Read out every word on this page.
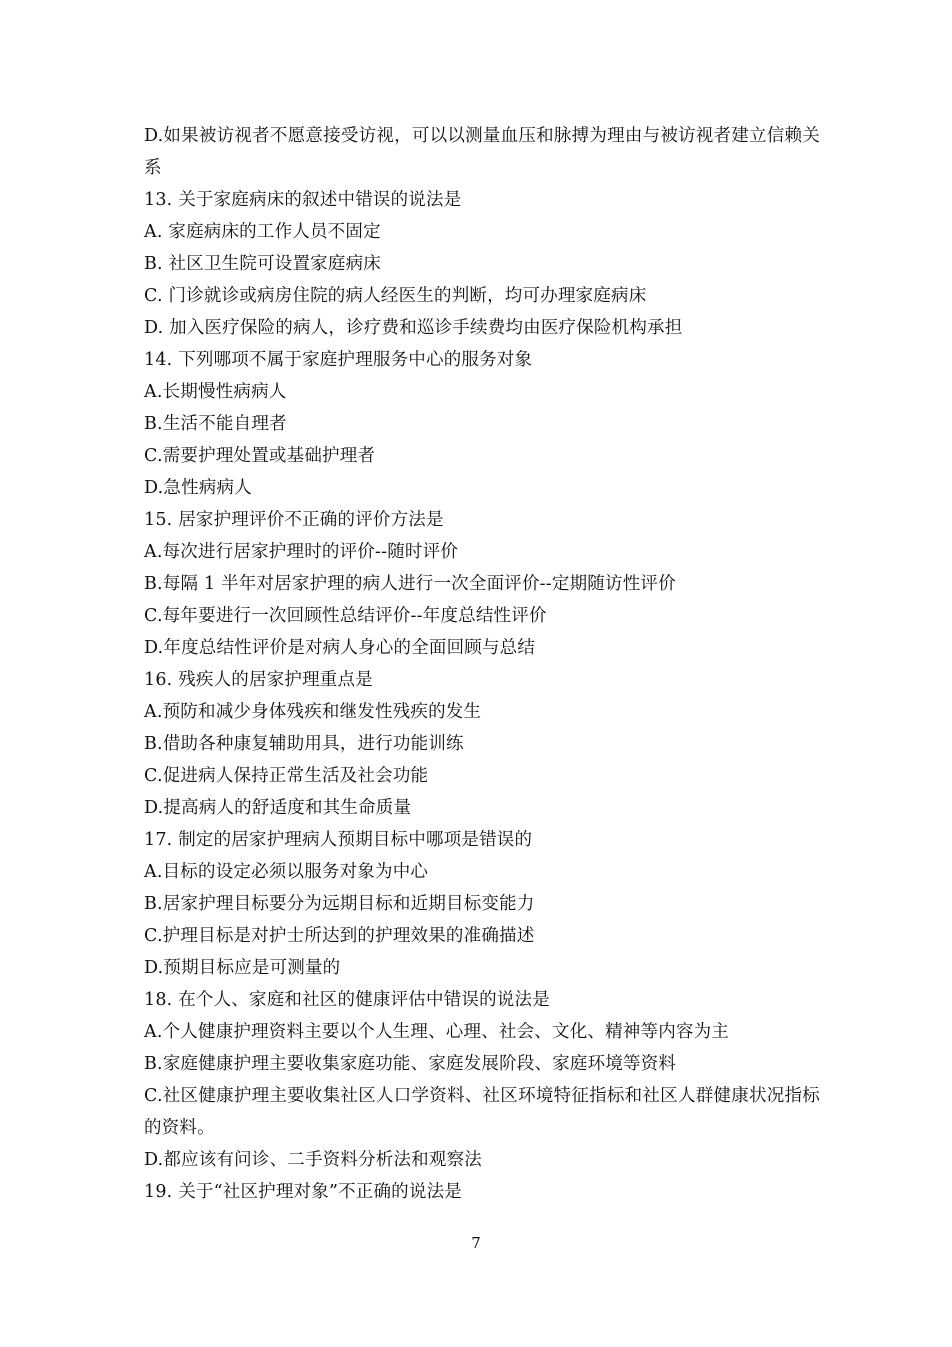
D.如果被访视者不愿意接受访视，可以以测量血压和脉搏为理由与被访视者建立信赖关系
13. 关于家庭病床的叙述中错误的说法是
A. 家庭病床的工作人员不固定
B. 社区卫生院可设置家庭病床
C. 门诊就诊或病房住院的病人经医生的判断，均可办理家庭病床
D. 加入医疗保险的病人，诊疗费和巡诊手续费均由医疗保险机构承担
14. 下列哪项不属于家庭护理服务中心的服务对象
A.长期慢性病病人
B.生活不能自理者
C.需要护理处置或基础护理者
D.急性病病人
15. 居家护理评价不正确的评价方法是
A.每次进行居家护理时的评价--随时评价
B.每隔 1 半年对居家护理的病人进行一次全面评价--定期随访性评价
C.每年要进行一次回顾性总结评价--年度总结性评价
D.年度总结性评价是对病人身心的全面回顾与总结
16. 残疾人的居家护理重点是
A.预防和减少身体残疾和继发性残疾的发生
B.借助各种康复辅助用具，进行功能训练
C.促进病人保持正常生活及社会功能
D.提高病人的舒适度和其生命质量
17. 制定的居家护理病人预期目标中哪项是错误的
A.目标的设定必须以服务对象为中心
B.居家护理目标要分为远期目标和近期目标变能力
C.护理目标是对护士所达到的护理效果的准确描述
D.预期目标应是可测量的
18. 在个人、家庭和社区的健康评估中错误的说法是
A.个人健康护理资料主要以个人生理、心理、社会、文化、精神等内容为主
B.家庭健康护理主要收集家庭功能、家庭发展阶段、家庭环境等资料
C.社区健康护理主要收集社区人口学资料、社区环境特征指标和社区人群健康状况指标的资料。
D.都应该有问诊、二手资料分析法和观察法
19. 关于“社区护理对象”不正确的说法是
7
